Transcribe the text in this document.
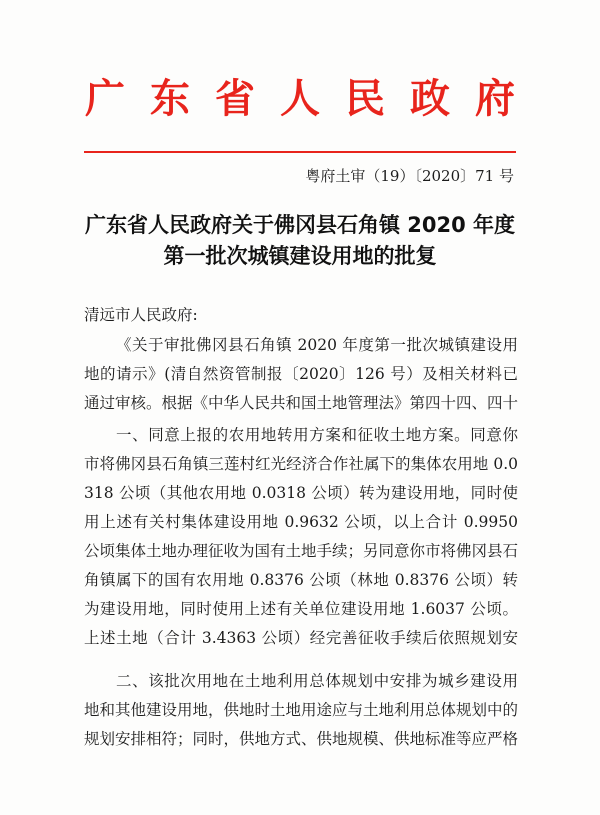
广东省人民政府
粤府土审（19）〔2020〕71 号
广东省人民政府关于佛冈县石角镇 2020 年度
第一批次城镇建设用地的批复
清远市人民政府:

《关于审批佛冈县石角镇 2020 年度第一批次城镇建设用地的请示》(清自然资管制报〔2020〕126 号）及相关材料已通过审核。根据《中华人民共和国土地管理法》第四十四、四十

一、同意上报的农用地转用方案和征收土地方案。同意你市将佛冈县石角镇三莲村红光经济合作社属下的集体农用地 0.0318 公顷（其他农用地 0.0318 公顷）转为建设用地，同时使用上述有关村集体建设用地 0.9632 公顷，以上合计 0.9950 公顷集体土地办理征收为国有土地手续；另同意你市将佛冈县石角镇属下的国有农用地 0.8376 公顷（林地 0.8376 公顷）转为建设用地，同时使用上述有关单位建设用地 1.6037 公顷。上述土地（合计 3.4363 公顷）经完善征收手续后依照规划安

二、该批次用地在土地利用总体规划中安排为城乡建设用地和其他建设用地，供地时土地用途应与土地利用总体规划中的规划安排相符；同时，供地方式、供地规模、供地标准等应严格
